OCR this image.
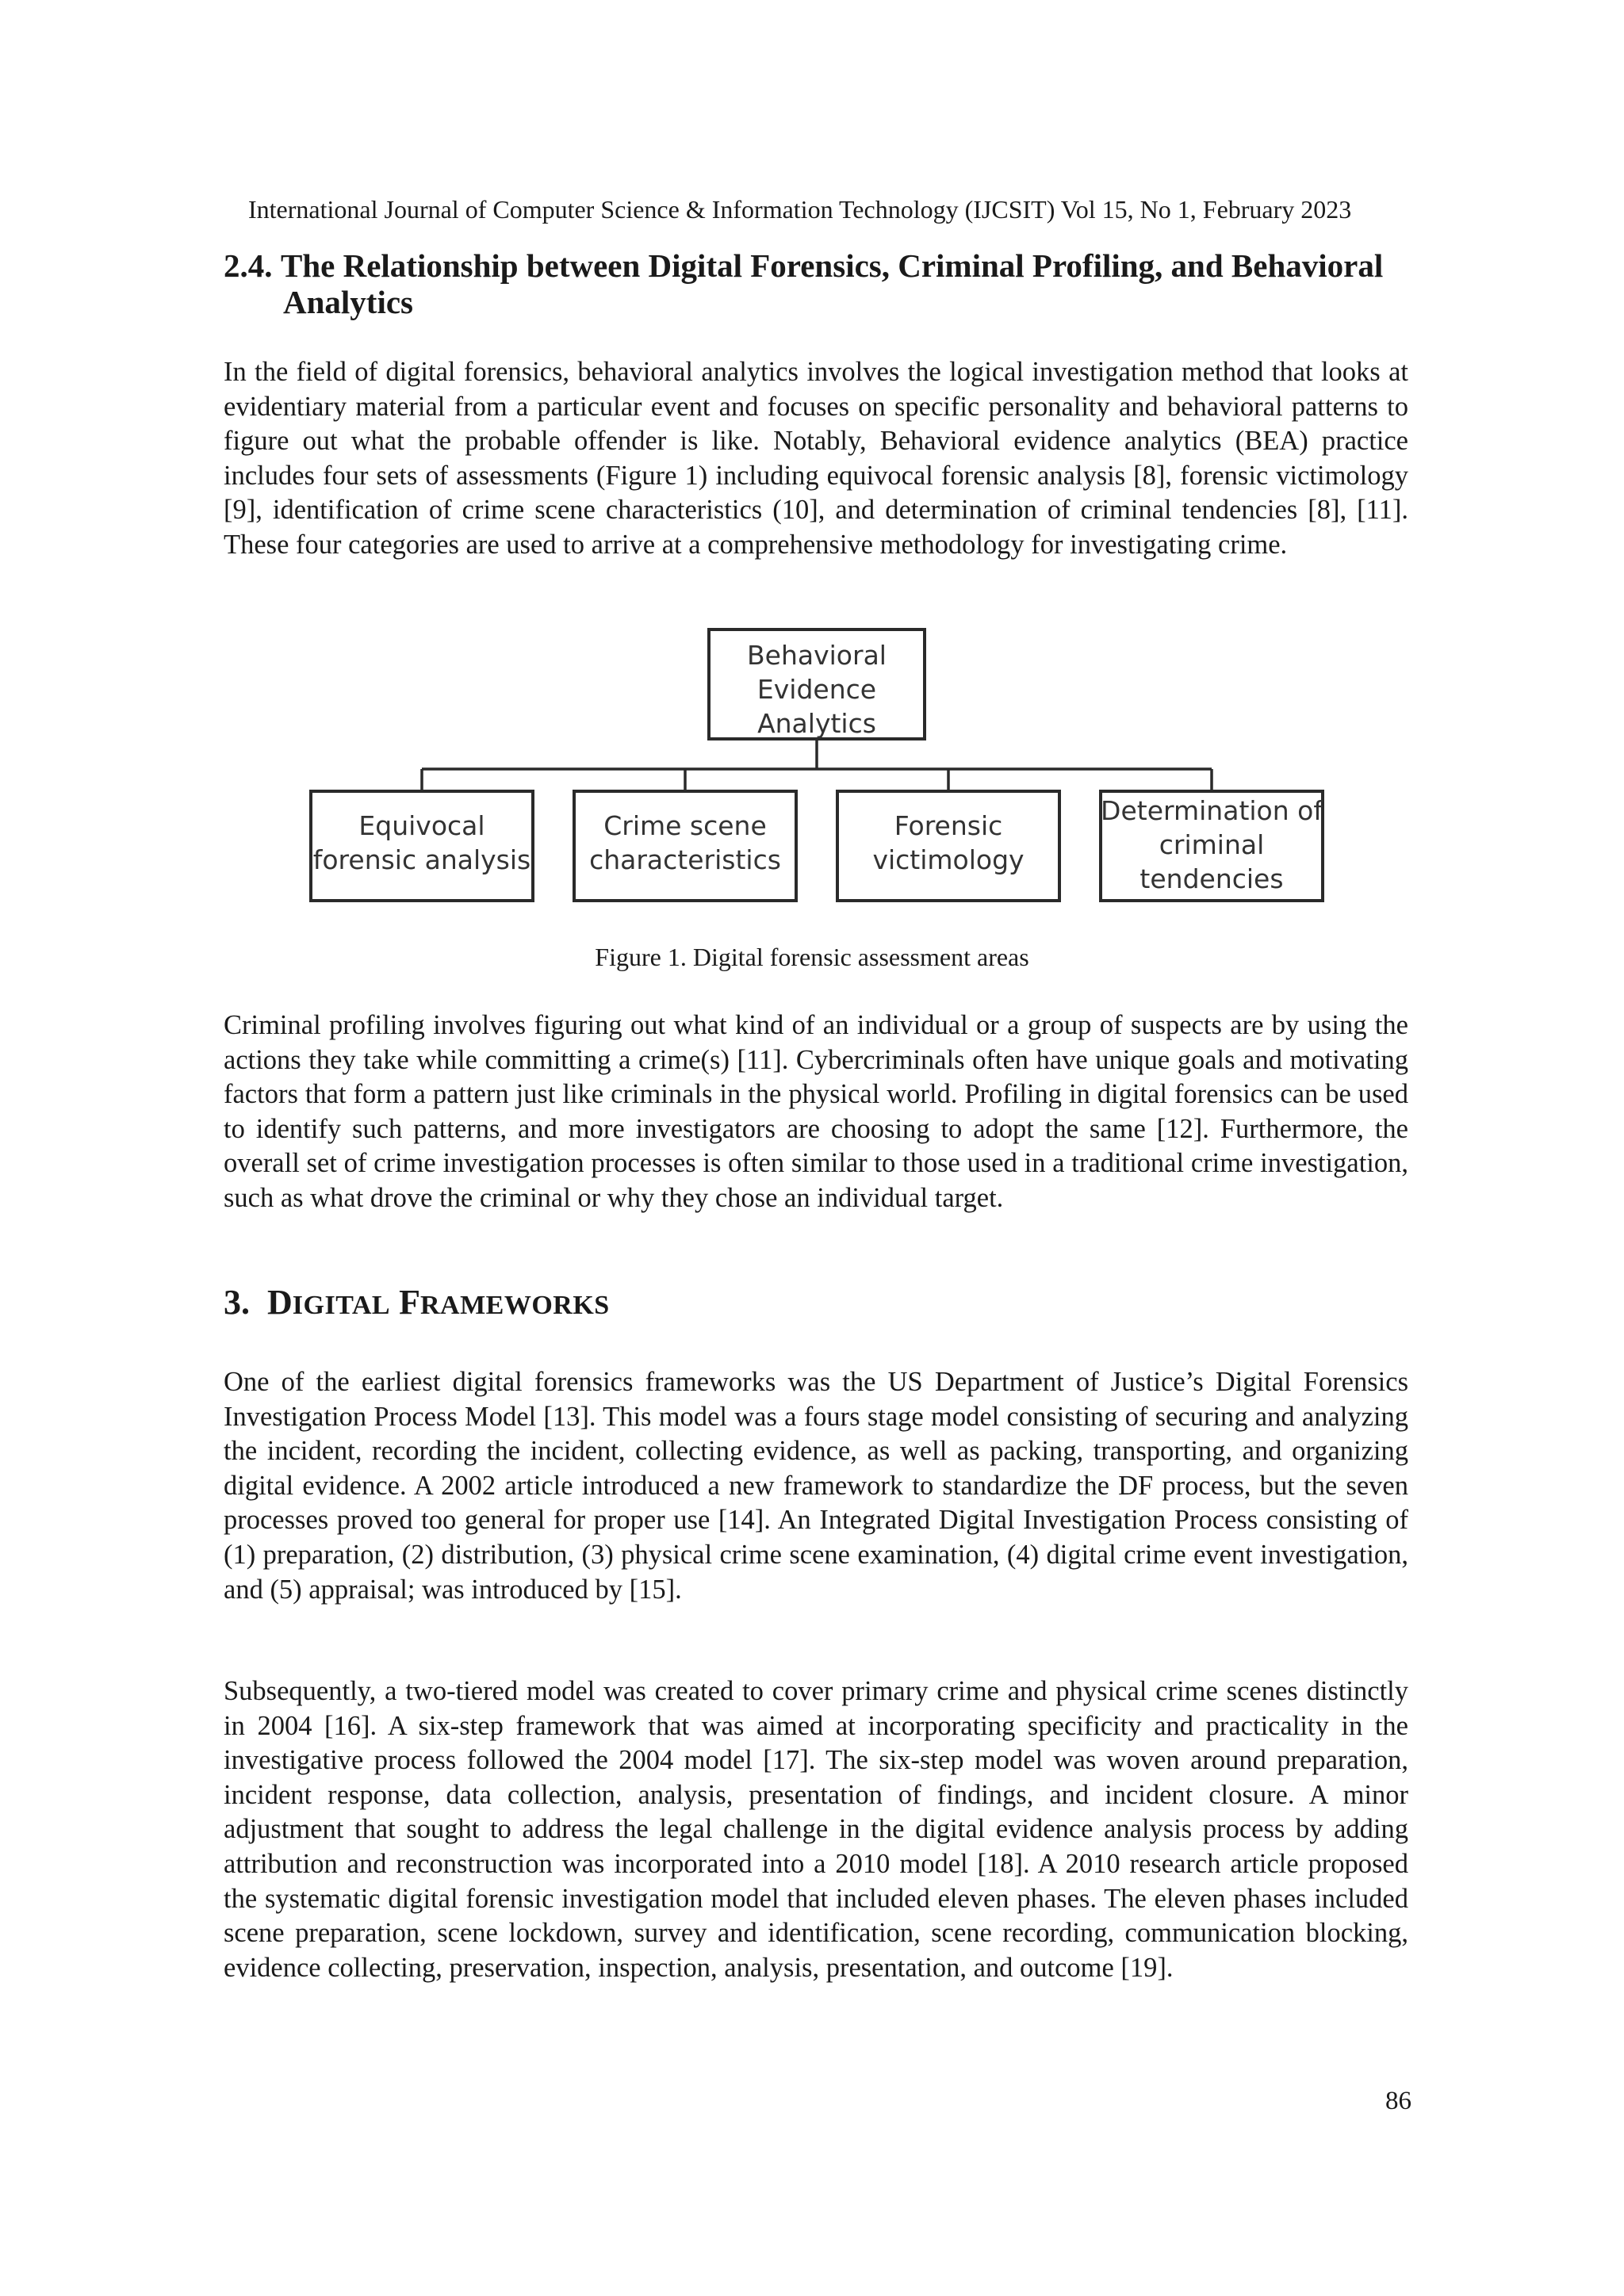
International Journal of Computer Science & Information Technology (IJCSIT) Vol 15, No 1, February 2023
2.4. The Relationship between Digital Forensics, Criminal Profiling, and Behavioral
Analytics

In the field of digital forensics, behavioral analytics involves the logical investigation method that looks at evidentiary material from a particular event and focuses on specific personality and behavioral patterns to figure out what the probable offender is like. Notably, Behavioral evidence analytics (BEA) practice includes four sets of assessments (Figure 1) including equivocal forensic analysis [8], forensic victimology [9], identification of crime scene characteristics (10], and determination of criminal tendencies [8], [11]. These four categories are used to arrive at a comprehensive methodology for investigating crime.

Behavioral
Evidence
Analytics
Equivocal
forensic analysis
Crime scene
characteristics
Forensic
victimology
Determination of
criminal
tendencies
Figure 1. Digital forensic assessment areas

Criminal profiling involves figuring out what kind of an individual or a group of suspects are by using the actions they take while committing a crime(s) [11]. Cybercriminals often have unique goals and motivating factors that form a pattern just like criminals in the physical world. Profiling in digital forensics can be used to identify such patterns, and more investigators are choosing to adopt the same [12]. Furthermore, the overall set of crime investigation processes is often similar to those used in a traditional crime investigation, such as what drove the criminal or why they chose an individual target.

3. DIGITAL FRAMEWORKS

One of the earliest digital forensics frameworks was the US Department of Justice’s Digital Forensics Investigation Process Model [13]. This model was a fours stage model consisting of securing and analyzing the incident, recording the incident, collecting evidence, as well as packing, transporting, and organizing digital evidence. A 2002 article introduced a new framework to standardize the DF process, but the seven processes proved too general for proper use [14]. An Integrated Digital Investigation Process consisting of (1) preparation, (2) distribution, (3) physical crime scene examination, (4) digital crime event investigation, and (5) appraisal; was introduced by [15].

Subsequently, a two-tiered model was created to cover primary crime and physical crime scenes distinctly in 2004 [16]. A six-step framework that was aimed at incorporating specificity and practicality in the investigative process followed the 2004 model [17]. The six-step model was woven around preparation, incident response, data collection, analysis, presentation of findings, and incident closure. A minor adjustment that sought to address the legal challenge in the digital evidence analysis process by adding attribution and reconstruction was incorporated into a 2010 model [18]. A 2010 research article proposed the systematic digital forensic investigation model that included eleven phases. The eleven phases included scene preparation, scene lockdown, survey and identification, scene recording, communication blocking, evidence collecting, preservation, inspection, analysis, presentation, and outcome [19].

86
